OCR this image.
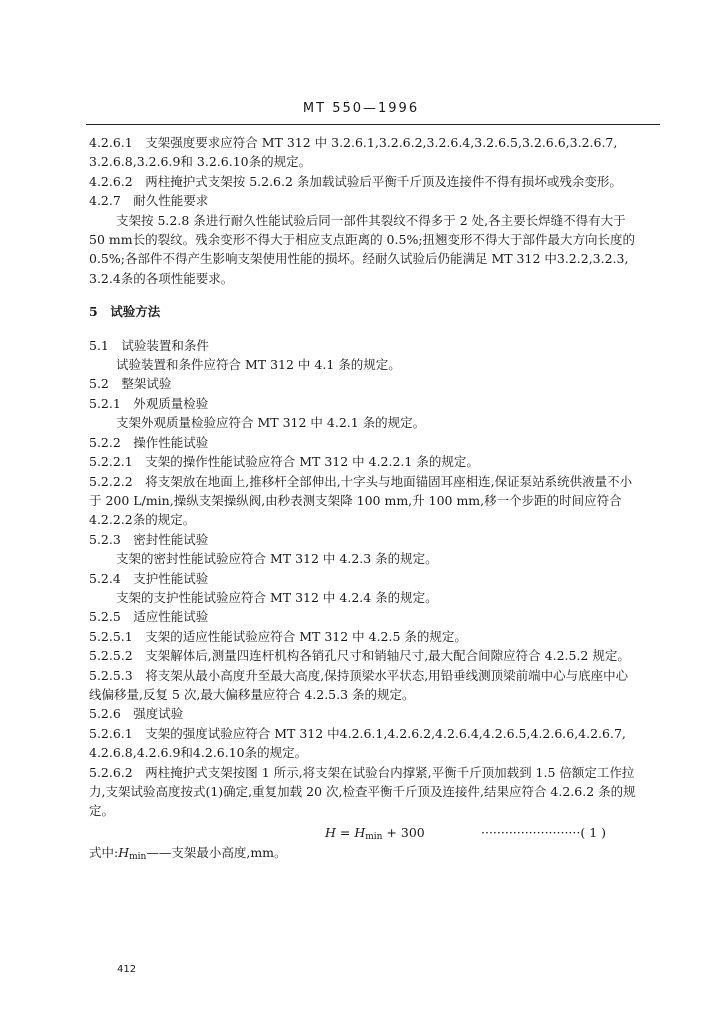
MT 550—1996
4.2.6.1　支架强度要求应符合 MT 312 中 3.2.6.1,3.2.6.2,3.2.6.4,3.2.6.5,3.2.6.6,3.2.6.7,
3.2.6.8,3.2.6.9和 3.2.6.10条的规定。
4.2.6.2　两柱掩护式支架按 5.2.6.2 条加载试验后平衡千斤顶及连接件不得有损坏或残余变形。
4.2.7　耐久性能要求
支架按 5.2.8 条进行耐久性能试验后同一部件其裂纹不得多于 2 处,各主要长焊缝不得有大于
50 mm长的裂纹。残余变形不得大于相应支点距离的 0.5%;扭翘变形不得大于部件最大方向长度的
0.5%;各部件不得产生影响支架使用性能的损坏。经耐久试验后仍能满足 MT 312 中3.2.2,3.2.3,
3.2.4条的各项性能要求。
5　试验方法
5.1　试验装置和条件
试验装置和条件应符合 MT 312 中 4.1 条的规定。
5.2　整架试验
5.2.1　外观质量检验
支架外观质量检验应符合 MT 312 中 4.2.1 条的规定。
5.2.2　操作性能试验
5.2.2.1　支架的操作性能试验应符合 MT 312 中 4.2.2.1 条的规定。
5.2.2.2　将支架放在地面上,推移杆全部伸出,十字头与地面锚固耳座相连,保证泵站系统供液量不小
于 200 L/min,操纵支架操纵阀,由秒表测支架降 100 mm,升 100 mm,移一个步距的时间应符合
4.2.2.2条的规定。
5.2.3　密封性能试验
支架的密封性能试验应符合 MT 312 中 4.2.3 条的规定。
5.2.4　支护性能试验
支架的支护性能试验应符合 MT 312 中 4.2.4 条的规定。
5.2.5　适应性能试验
5.2.5.1　支架的适应性能试验应符合 MT 312 中 4.2.5 条的规定。
5.2.5.2　支架解体后,测量四连杆机构各销孔尺寸和销轴尺寸,最大配合间隙应符合 4.2.5.2 规定。
5.2.5.3　将支架从最小高度升至最大高度,保持顶梁水平状态,用铅垂线测顶梁前端中心与底座中心
线偏移量,反复 5 次,最大偏移量应符合 4.2.5.3 条的规定。
5.2.6　强度试验
5.2.6.1　支架的强度试验应符合 MT 312 中4.2.6.1,4.2.6.2,4.2.6.4,4.2.6.5,4.2.6.6,4.2.6.7,
4.2.6.8,4.2.6.9和4.2.6.10条的规定。
5.2.6.2　两柱掩护式支架按图 1 所示,将支架在试验台内撑紧,平衡千斤顶加载到 1.5 倍额定工作拉
力,支架试验高度按式(1)确定,重复加载 20 次,检查平衡千斤顶及连接件,结果应符合 4.2.6.2 条的规
定。
$H = H_{min} + 300$	·························( 1 )
式中$:H_{min}——$支架最小高度,mm。
412
